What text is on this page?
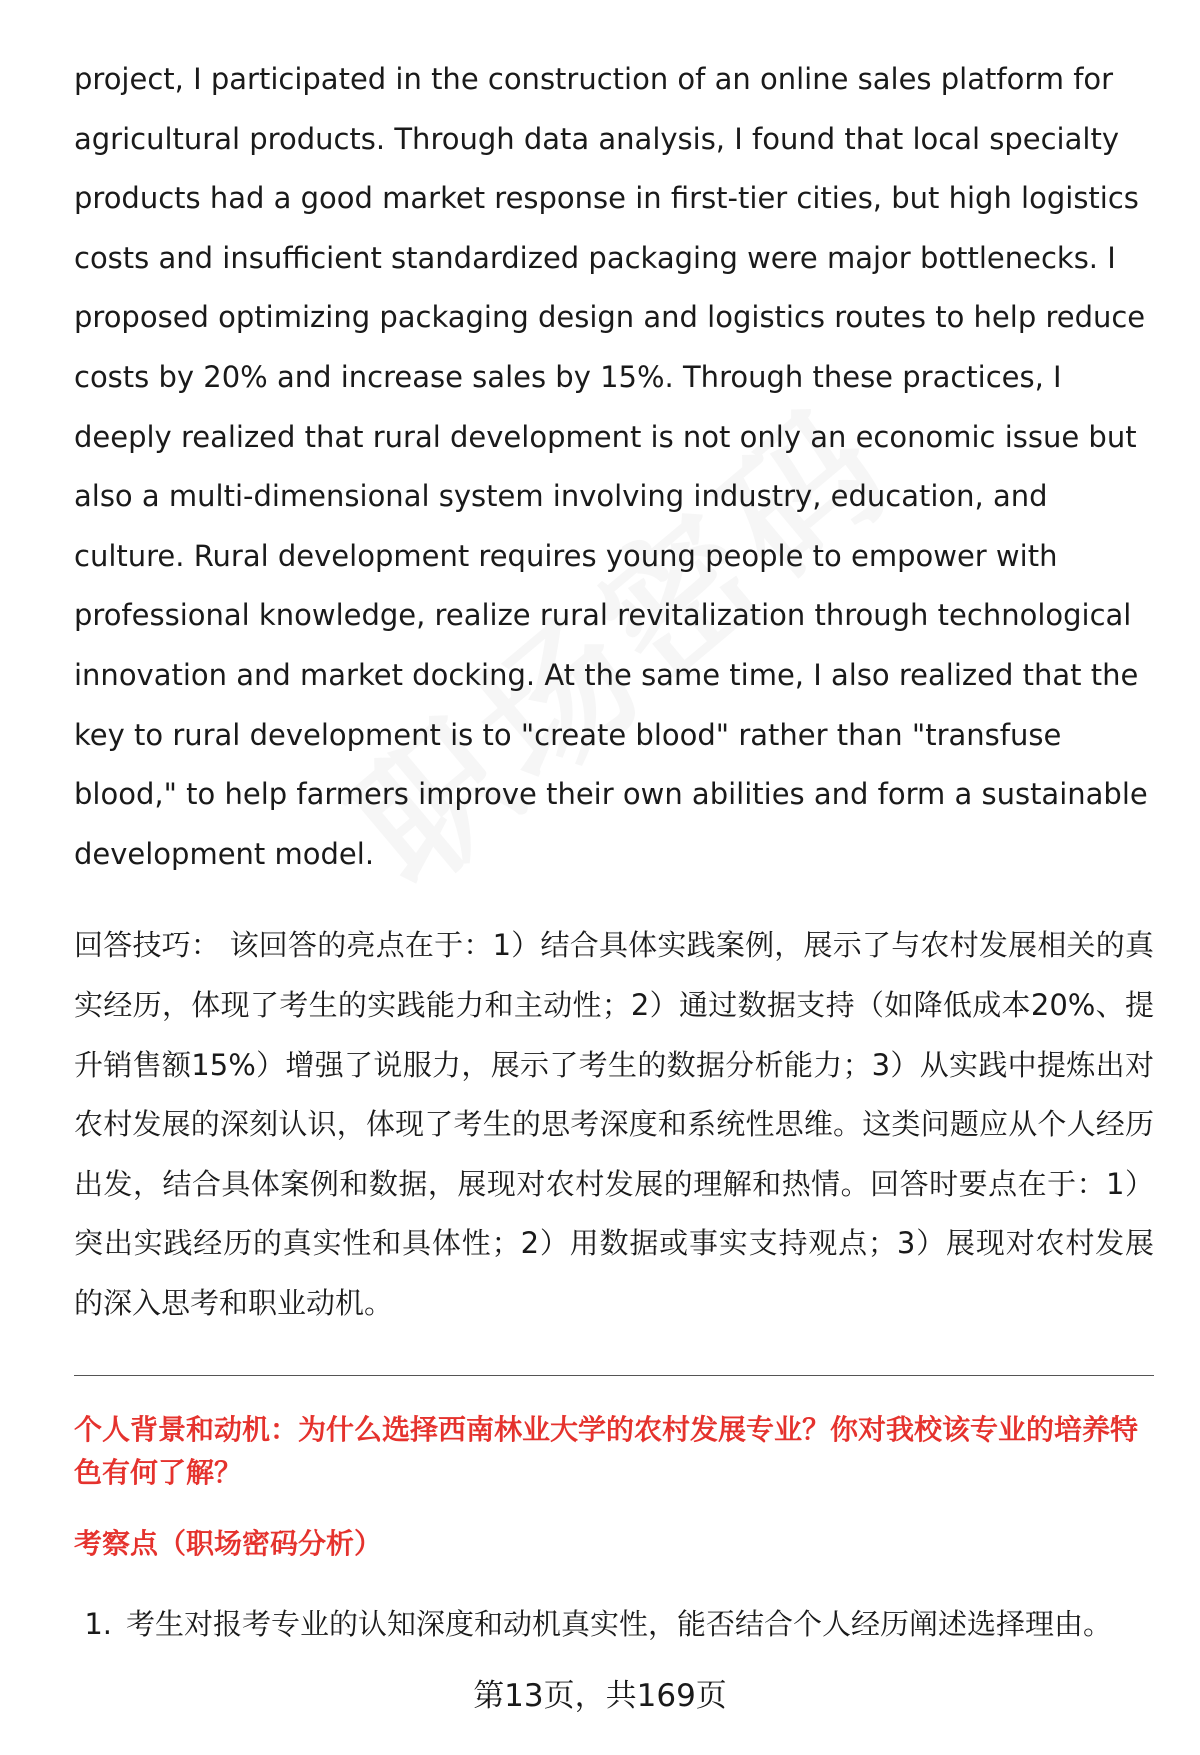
project, I participated in the construction of an online sales platform for agricultural products. Through data analysis, I found that local specialty products had a good market response in first-tier cities, but high logistics costs and insufficient standardized packaging were major bottlenecks. I proposed optimizing packaging design and logistics routes to help reduce costs by 20% and increase sales by 15%. Through these practices, I deeply realized that rural development is not only an economic issue but also a multi-dimensional system involving industry, education, and culture. Rural development requires young people to empower with professional knowledge, realize rural revitalization through technological innovation and market docking. At the same time, I also realized that the key to rural development is to "create blood" rather than "transfuse blood," to help farmers improve their own abilities and form a sustainable development model.

回答技巧： 该回答的亮点在于：1）结合具体实践案例，展示了与农村发展相关的真实经历，体现了考生的实践能力和主动性；2）通过数据支持（如降低成本20%、提升销售额15%）增强了说服力，展示了考生的数据分析能力；3）从实践中提炼出对农村发展的深刻认识，体现了考生的思考深度和系统性思维。这类问题应从个人经历出发，结合具体案例和数据，展现对农村发展的理解和热情。回答时要点在于：1）突出实践经历的真实性和具体性；2）用数据或事实支持观点；3）展现对农村发展的深入思考和职业动机。

个人背景和动机：为什么选择西南林业大学的农村发展专业？你对我校该专业的培养特色有何了解？
考察点（职场密码分析）
1. 考生对报考专业的认知深度和动机真实性，能否结合个人经历阐述选择理由。
第13页，共169页
